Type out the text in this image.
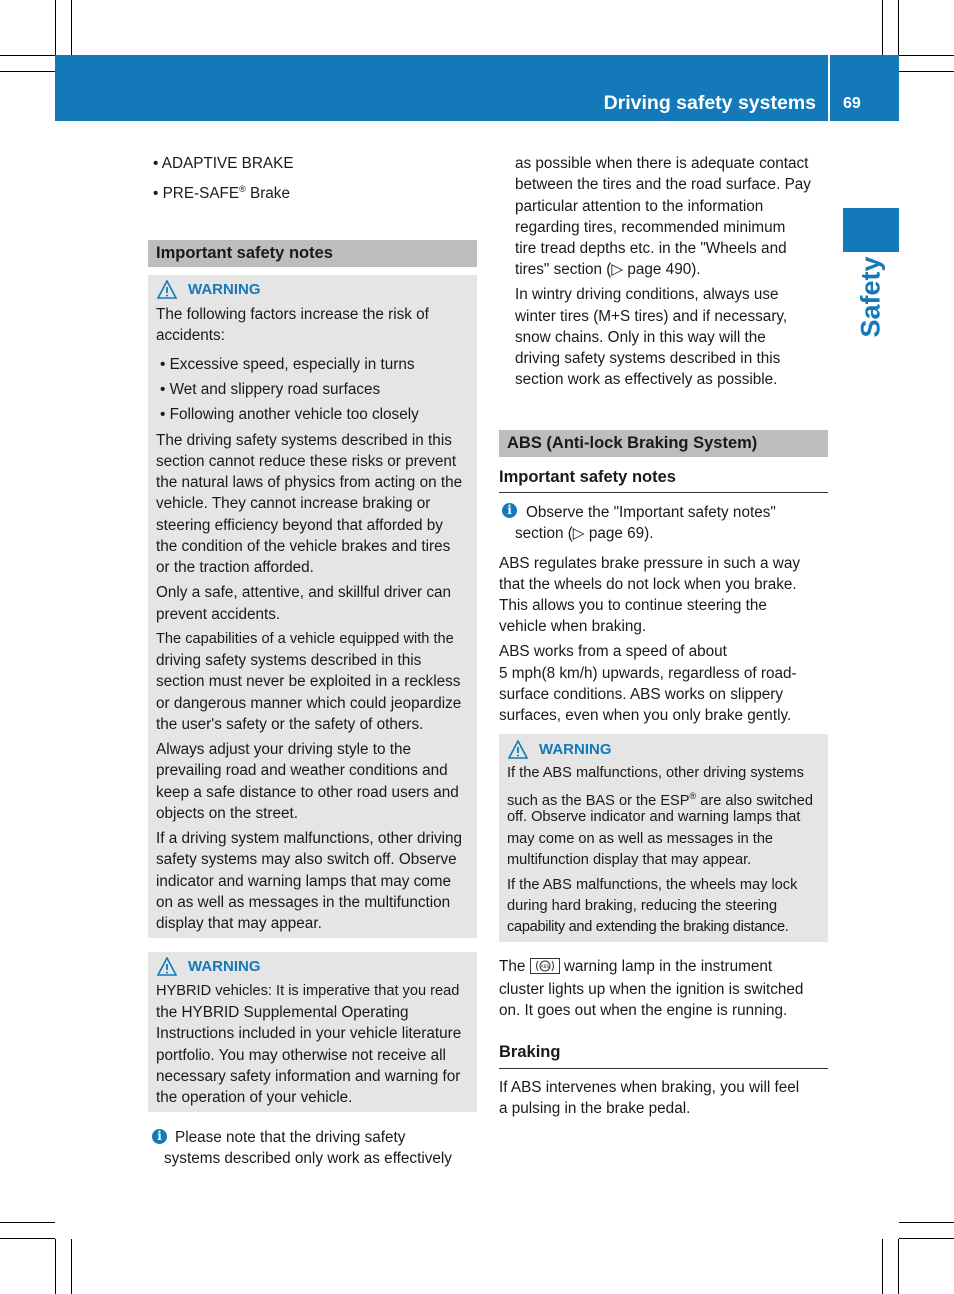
Driving safety systems 69
Safety
• ADAPTIVE BRAKE
• PRE-SAFE® Brake
Important safety notes
WARNING
The following factors increase the risk of
accidents:
• Excessive speed, especially in turns
• Wet and slippery road surfaces
• Following another vehicle too closely
The driving safety systems described in this
section cannot reduce these risks or prevent
the natural laws of physics from acting on the
vehicle. They cannot increase braking or
steering efficiency beyond that afforded by
the condition of the vehicle brakes and tires
or the traction afforded.
Only a safe, attentive, and skillful driver can
prevent accidents.
The capabilities of a vehicle equipped with the
driving safety systems described in this
section must never be exploited in a reckless
or dangerous manner which could jeopardize
the user's safety or the safety of others.
Always adjust your driving style to the
prevailing road and weather conditions and
keep a safe distance to other road users and
objects on the street.
If a driving system malfunctions, other driving
safety systems may also switch off. Observe
indicator and warning lamps that may come
on as well as messages in the multifunction
display that may appear.
WARNING
HYBRID vehicles: It is imperative that you read
the HYBRID Supplemental Operating
Instructions included in your vehicle literature
portfolio. You may otherwise not receive all
necessary safety information and warning for
the operation of your vehicle.
i Please note that the driving safety
systems described only work as effectively
as possible when there is adequate contact
between the tires and the road surface. Pay
particular attention to the information
regarding tires, recommended minimum
tire tread depths etc. in the "Wheels and
tires" section (▷ page 490).
In wintry driving conditions, always use
winter tires (M+S tires) and if necessary,
snow chains. Only in this way will the
driving safety systems described in this
section work as effectively as possible.
ABS (Anti-lock Braking System)
Important safety notes
i Observe the "Important safety notes"
section (▷ page 69).
ABS regulates brake pressure in such a way
that the wheels do not lock when you brake.
This allows you to continue steering the
vehicle when braking.
ABS works from a speed of about
5 mph(8 km/h) upwards, regardless of road-
surface conditions. ABS works on slippery
surfaces, even when you only brake gently.
WARNING
If the ABS malfunctions, other driving systems
such as the BAS or the ESP® are also switched
off. Observe indicator and warning lamps that
may come on as well as messages in the
multifunction display that may appear.
If the ABS malfunctions, the wheels may lock
during hard braking, reducing the steering
capability and extending the braking distance.
The	ABS warning lamp in the instrument
cluster lights up when the ignition is switched
on. It goes out when the engine is running.
Braking
If ABS intervenes when braking, you will feel
a pulsing in the brake pedal.
